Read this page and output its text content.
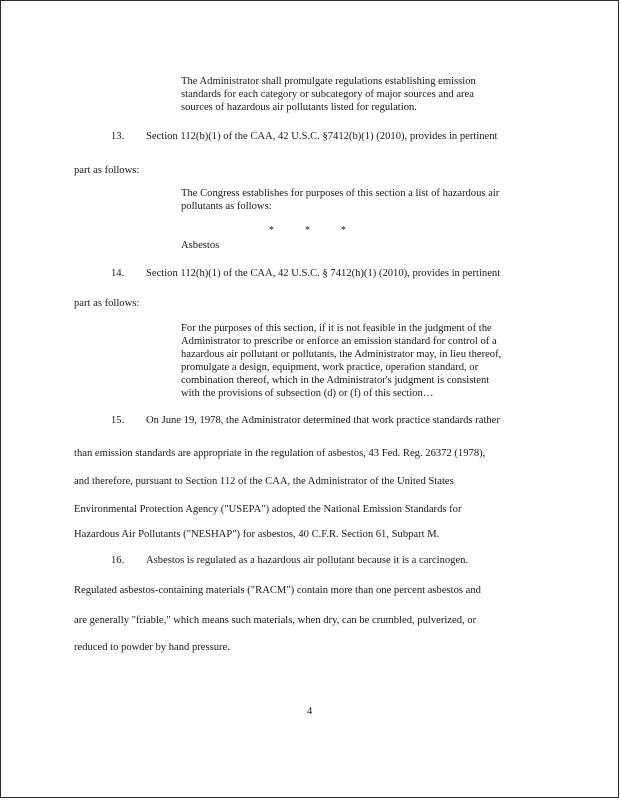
The Administrator shall promulgate regulations establishing emission
standards for each category or subcategory of major sources and area
sources of hazardous air pollutants listed for regulation.
13. Section 112(b)(1) of the CAA, 42 U.S.C. §7412(b)(1) (2010), provides in pertinent
part as follows:
The Congress establishes for purposes of this section a list of hazardous air
pollutants as follows:
*	*	*
Asbestos
14. Section 112(h)(1) of the CAA, 42 U.S.C. § 7412(h)(1) (2010), provides in pertinent
part as follows:
For the purposes of this section, if it is not feasible in the judgment of the
Administrator to prescribe or enforce an emission standard for control of a
hazardous air pollutant or pollutants, the Administrator may, in lieu thereof,
promulgate a design, equipment, work practice, operation standard, or
combination thereof, which in the Administrator's judgment is consistent
with the provisions of subsection (d) or (f) of this section…
15. On June 19, 1978, the Administrator determined that work practice standards rather
than emission standards are appropriate in the regulation of asbestos, 43 Fed. Reg. 26372 (1978),
and therefore, pursuant to Section 112 of the CAA, the Administrator of the United States
Environmental Protection Agency ("USEPA") adopted the National Emission Standards for
Hazardous Air Pollutants ("NESHAP") for asbestos, 40 C.F.R. Section 61, Subpart M.
16. Asbestos is regulated as a hazardous air pollutant because it is a carcinogen.
Regulated asbestos-containing materials ("RACM") contain more than one percent asbestos and
are generally "friable," which means such materials, when dry, can be crumbled, pulverized, or
reduced to powder by hand pressure.
4
